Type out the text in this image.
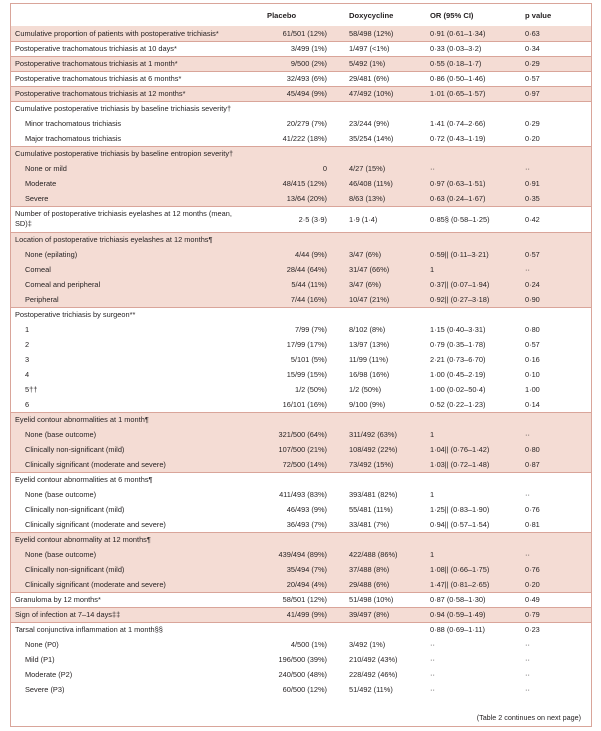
	Placebo	Doxycycline	OR (95% CI)	p value
Cumulative proportion of patients with postoperative trichiasis*	61/501 (12%)	58/498 (12%)	0·91 (0·61–1·34)	0·63
Postoperative trachomatous trichiasis at 10 days*	3/499 (1%)	1/497 (<1%)	0·33 (0·03–3·2)	0·34
Postoperative trachomatous trichiasis at 1 month*	9/500 (2%)	5/492 (1%)	0·55 (0·18–1·7)	0·29
Postoperative trachomatous trichiasis at 6 months*	32/493 (6%)	29/481 (6%)	0·86 (0·50–1·46)	0·57
Postoperative trachomatous trichiasis at 12 months*	45/494 (9%)	47/492 (10%)	1·01 (0·65–1·57)	0·97
Cumulative postoperative trichiasis by baseline trichiasis severity†				
Minor trachomatous trichiasis	20/279 (7%)	23/244 (9%)	1·41 (0·74–2·66)	0·29
Major trachomatous trichiasis	41/222 (18%)	35/254 (14%)	0·72 (0·43–1·19)	0·20
Cumulative postoperative trichiasis by baseline entropion severity†				
None or mild	0	4/27 (15%)	··	··
Moderate	48/415 (12%)	46/408 (11%)	0·97 (0·63–1·51)	0·91
Severe	13/64 (20%)	8/63 (13%)	0·63 (0·24–1·67)	0·35
Number of postoperative trichiasis eyelashes at 12 months (mean, SD)‡	2·5 (3·9)	1·9 (1·4)	0·85§ (0·58–1·25)	0·42
Location of postoperative trichiasis eyelashes at 12 months¶				
None (epilating)	4/44 (9%)	3/47 (6%)	0·59|| (0·11–3·21)	0·57
Corneal	28/44 (64%)	31/47 (66%)	1	··
Corneal and peripheral	5/44 (11%)	3/47 (6%)	0·37|| (0·07–1·94)	0·24
Peripheral	7/44 (16%)	10/47 (21%)	0·92|| (0·27–3·18)	0·90
Postoperative trichiasis by surgeon**				
1	7/99 (7%)	8/102 (8%)	1·15 (0·40–3·31)	0·80
2	17/99 (17%)	13/97 (13%)	0·79 (0·35–1·78)	0·57
3	5/101 (5%)	11/99 (11%)	2·21 (0·73–6·70)	0·16
4	15/99 (15%)	16/98 (16%)	1·00 (0·45–2·19)	0·10
5††	1/2 (50%)	1/2 (50%)	1·00 (0·02–50·4)	1·00
6	16/101 (16%)	9/100 (9%)	0·52 (0·22–1·23)	0·14
Eyelid contour abnormalities at 1 month¶				
None (base outcome)	321/500 (64%)	311/492 (63%)	1	··
Clinically non-significant (mild)	107/500 (21%)	108/492 (22%)	1·04|| (0·76–1·42)	0·80
Clinically significant (moderate and severe)	72/500 (14%)	73/492 (15%)	1·03|| (0·72–1·48)	0·87
Eyelid contour abnormalities at 6 months¶				
None (base outcome)	411/493 (83%)	393/481 (82%)	1	··
Clinically non-significant (mild)	46/493 (9%)	55/481 (11%)	1·25|| (0·83–1·90)	0·76
Clinically significant (moderate and severe)	36/493 (7%)	33/481 (7%)	0·94|| (0·57–1·54)	0·81
Eyelid contour abnormality at 12 months¶				
None (base outcome)	439/494 (89%)	422/488 (86%)	1	··
Clinically non-significant (mild)	35/494 (7%)	37/488 (8%)	1·08|| (0·66–1·75)	0·76
Clinically significant (moderate and severe)	20/494 (4%)	29/488 (6%)	1·47|| (0·81–2·65)	0·20
Granuloma by 12 months*	58/501 (12%)	51/498 (10%)	0·87 (0·58–1·30)	0·49
Sign of infection at 7–14 days‡‡	41/499 (9%)	39/497 (8%)	0·94 (0·59–1·49)	0·79
Tarsal conjunctiva inflammation at 1 month§§			0·88 (0·69–1·11)	0·23
None (P0)	4/500 (1%)	3/492 (1%)	··	··
Mild (P1)	196/500 (39%)	210/492 (43%)	··	··
Moderate (P2)	240/500 (48%)	228/492 (46%)	··	··
Severe (P3)	60/500 (12%)	51/492 (11%)	··	··
(Table 2 continues on next page)
